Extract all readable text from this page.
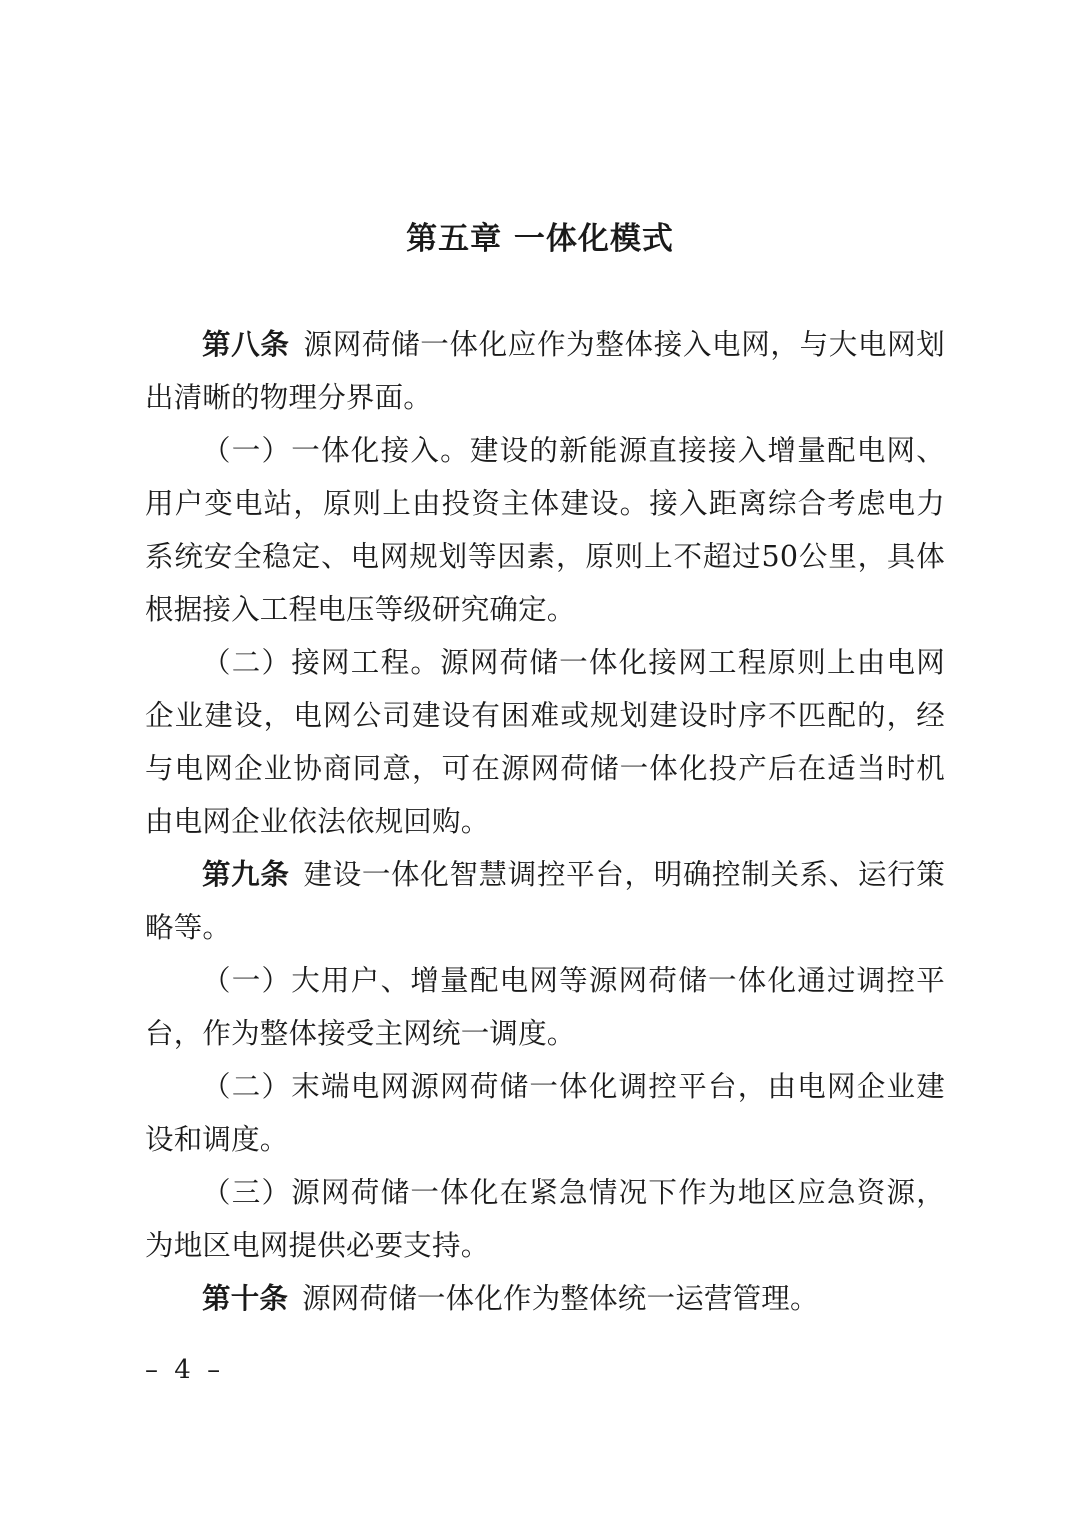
第五章 一体化模式

第八条 源网荷储一体化应作为整体接入电网，与大电网划出清晰的物理分界面。

（一）一体化接入。建设的新能源直接接入增量配电网、用户变电站，原则上由投资主体建设。接入距离综合考虑电力系统安全稳定、电网规划等因素，原则上不超过50公里，具体根据接入工程电压等级研究确定。

（二）接网工程。源网荷储一体化接网工程原则上由电网企业建设，电网公司建设有困难或规划建设时序不匹配的，经与电网企业协商同意，可在源网荷储一体化投产后在适当时机由电网企业依法依规回购。

第九条 建设一体化智慧调控平台，明确控制关系、运行策略等。

（一）大用户、增量配电网等源网荷储一体化通过调控平台，作为整体接受主网统一调度。

（二）末端电网源网荷储一体化调控平台，由电网企业建设和调度。

（三）源网荷储一体化在紧急情况下作为地区应急资源，为地区电网提供必要支持。

第十条 源网荷储一体化作为整体统一运营管理。

– 4 –
